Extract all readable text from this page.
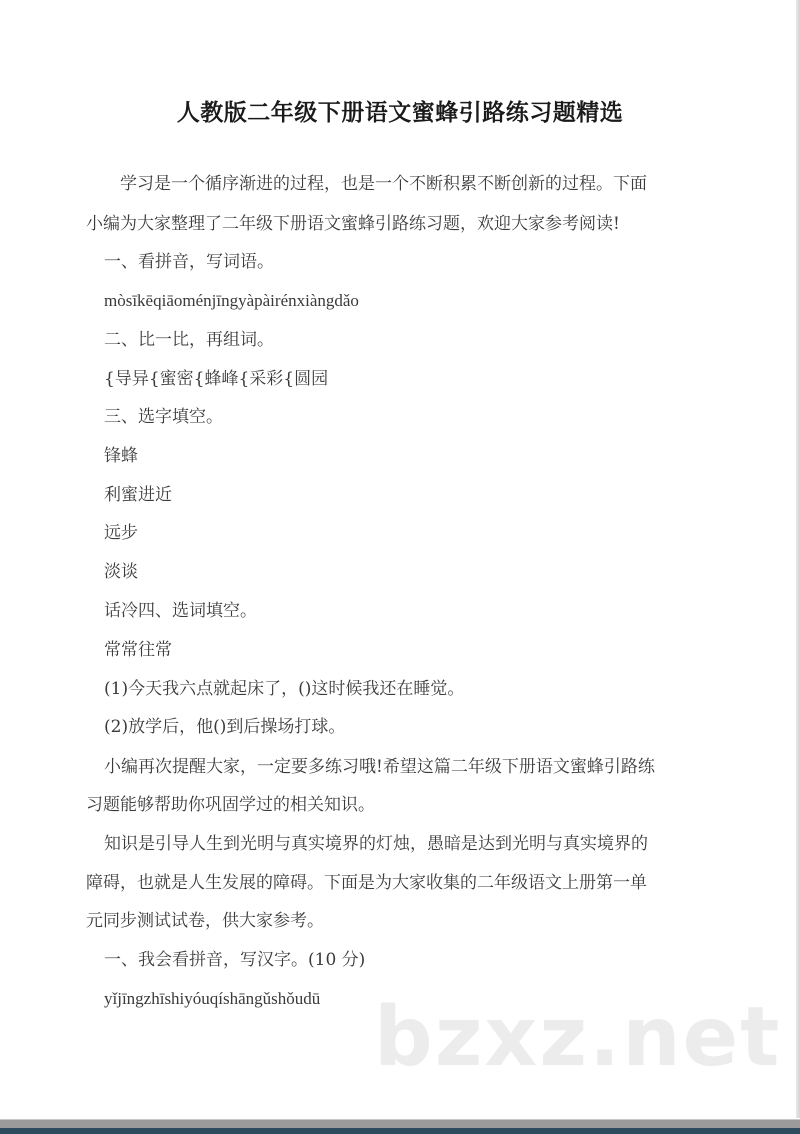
人教版二年级下册语文蜜蜂引路练习题精选
学习是一个循序渐进的过程，也是一个不断积累不断创新的过程。下面
小编为大家整理了二年级下册语文蜜蜂引路练习题，欢迎大家参考阅读!
一、看拼音，写词语。
mòsīkēqiāoménjīngyàpàirénxiàngdǎo
二、比一比，再组词。
{导异{蜜密{蜂峰{采彩{圆园
三、选字填空。
锋蜂
利蜜进近
远步
淡谈
话冷四、选词填空。
常常往常
(1)今天我六点就起床了，()这时候我还在睡觉。
(2)放学后，他()到后操场打球。
小编再次提醒大家，一定要多练习哦!希望这篇二年级下册语文蜜蜂引路练
习题能够帮助你巩固学过的相关知识。
知识是引导人生到光明与真实境界的灯烛，愚暗是达到光明与真实境界的
障碍，也就是人生发展的障碍。下面是为大家收集的二年级语文上册第一单
元同步测试试卷，供大家参考。
一、我会看拼音，写汉字。(10 分)
yǐjīngzhīshiyóuqíshāngǔshǒudū bzxz.net
